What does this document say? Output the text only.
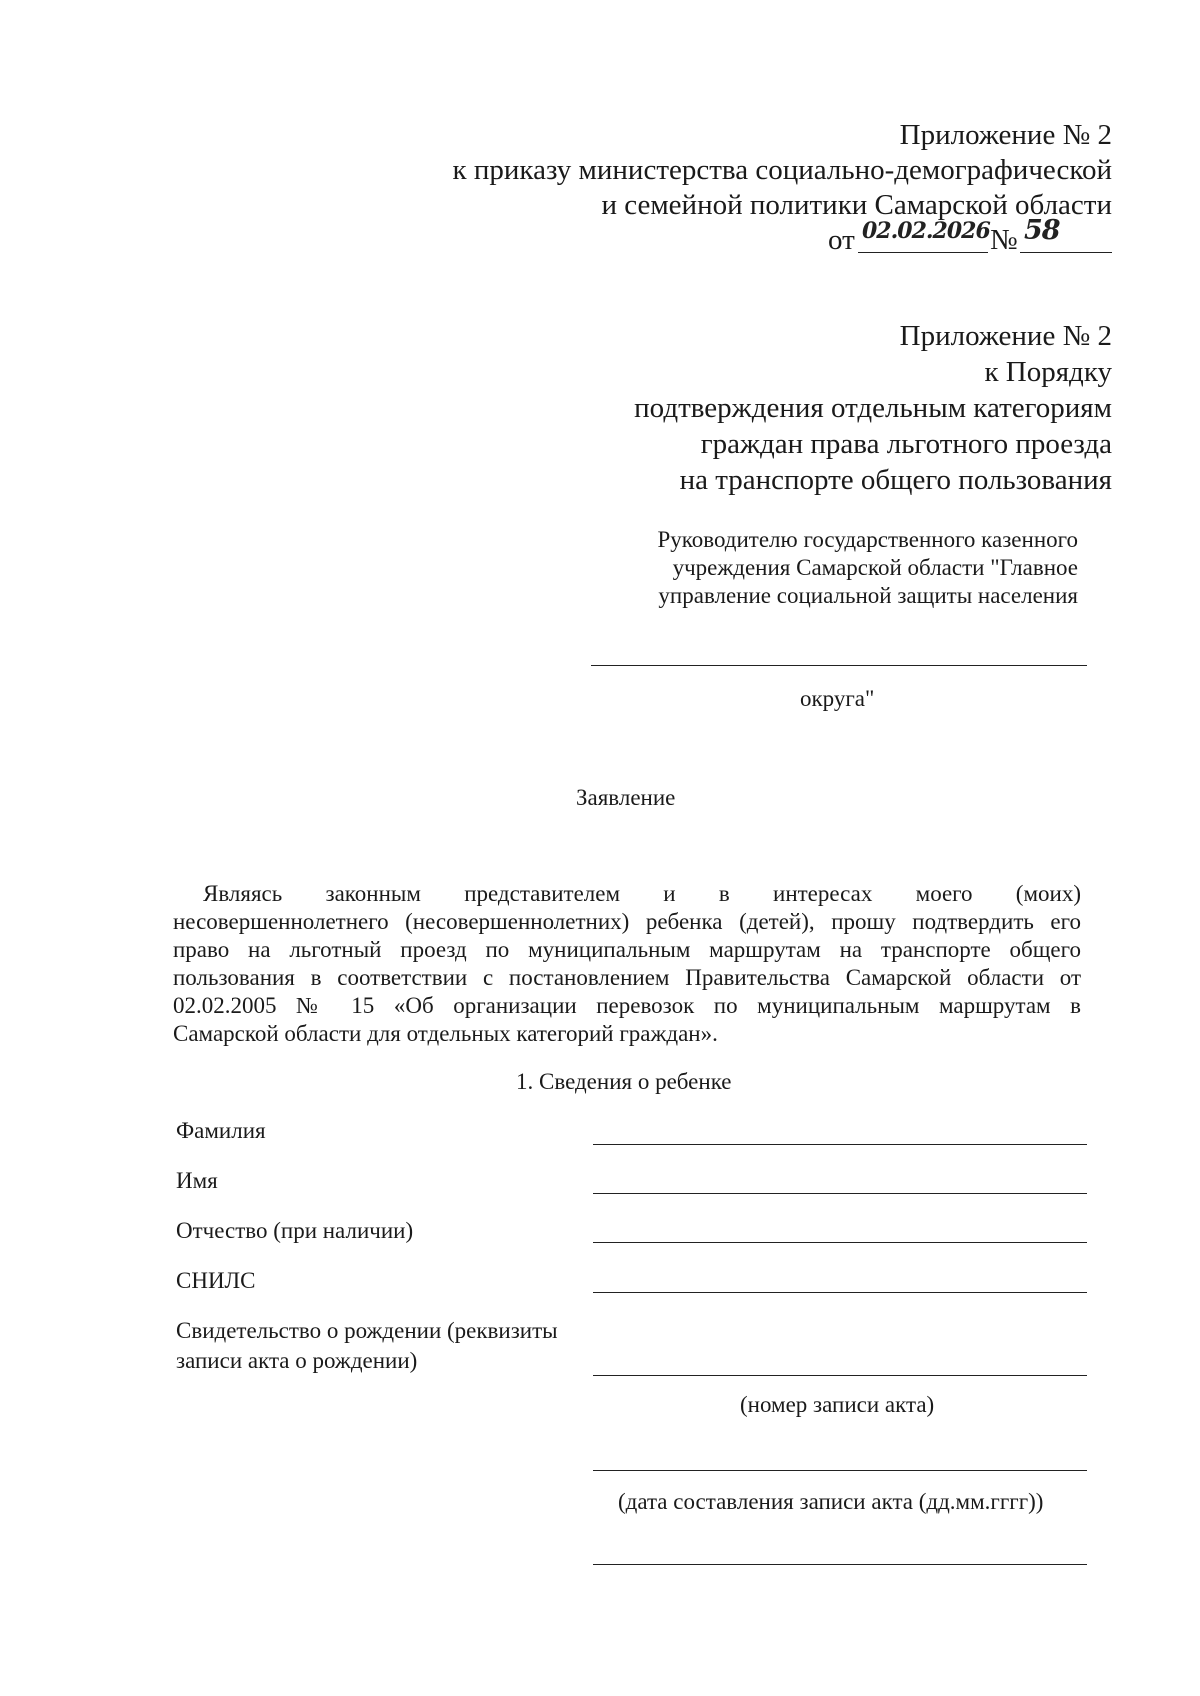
Приложение № 2
к приказу министерства социально-демографической
и семейной политики Самарской области
от 02.02.2026 № 58
Приложение № 2
к Порядку
подтверждения отдельным категориям
граждан права льготного проезда
на транспорте общего пользования
Руководителю государственного казенного
учреждения Самарской области "Главное
управление социальной защиты населения
округа"
Заявление
Являясь законным представителем и в интересах моего (моих)
несовершеннолетнего (несовершеннолетних) ребенка (детей), прошу подтвердить его
право на льготный проезд по муниципальным маршрутам на транспорте общего
пользования в соответствии с постановлением Правительства Самарской области от
02.02.2005 № 15 «Об организации перевозок по муниципальным маршрутам в
Самарской области для отдельных категорий граждан».
1. Сведения о ребенке
Фамилия
Имя
Отчество (при наличии)
СНИЛС
Свидетельство о рождении (реквизиты
записи акта о рождении)
(номер записи акта)
(дата составления записи акта (дд.мм.гггг))
